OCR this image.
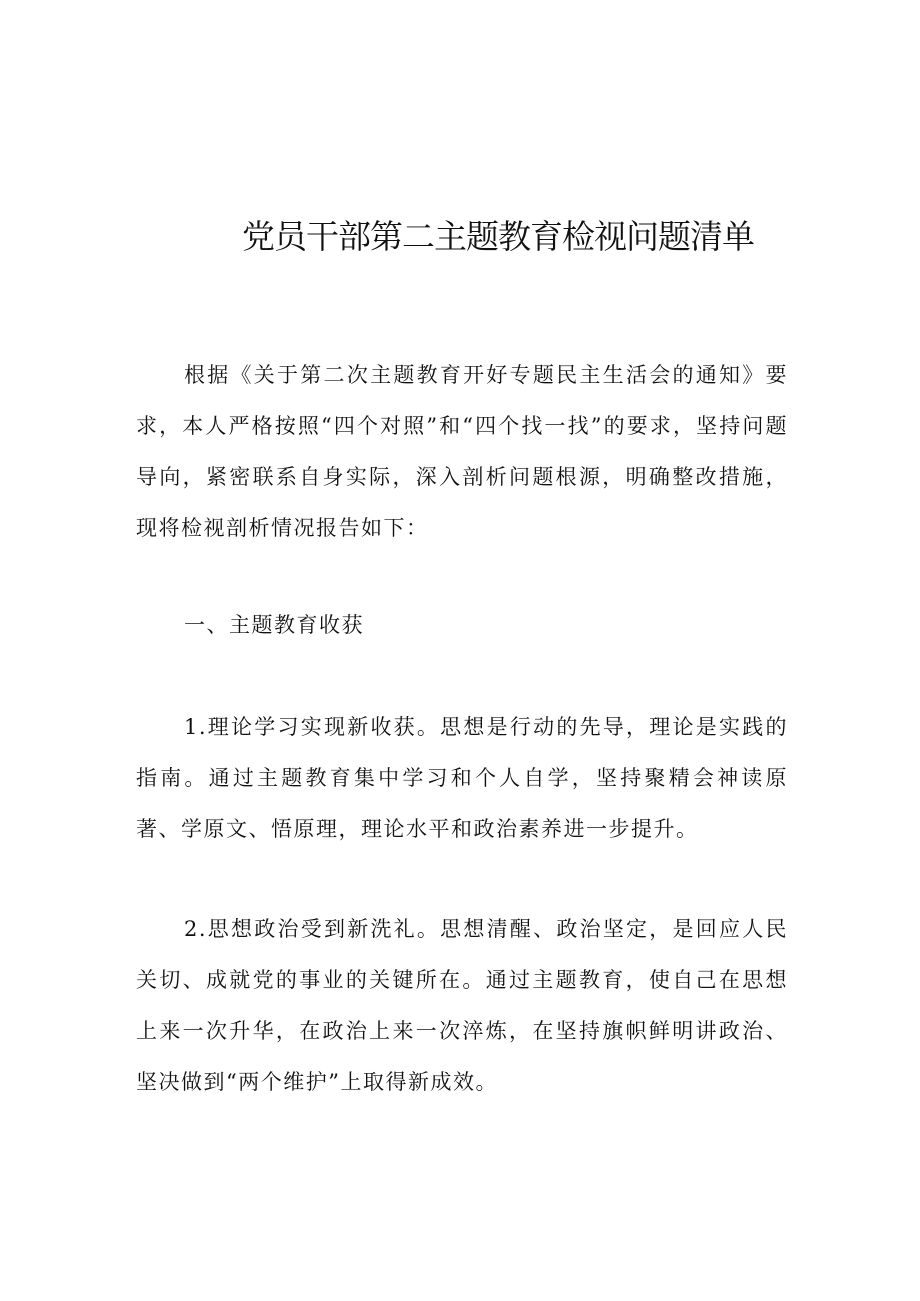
党员干部第二主题教育检视问题清单

根据《关于第二次主题教育开好专题民主生活会的通知》要求，本人严格按照“四个对照”和“四个找一找”的要求，坚持问题导向，紧密联系自身实际，深入剖析问题根源，明确整改措施，现将检视剖析情况报告如下：

一、主题教育收获

1.理论学习实现新收获。思想是行动的先导，理论是实践的指南。通过主题教育集中学习和个人自学，坚持聚精会神读原著、学原文、悟原理，理论水平和政治素养进一步提升。

2.思想政治受到新洗礼。思想清醒、政治坚定，是回应人民关切、成就党的事业的关键所在。通过主题教育，使自己在思想上来一次升华，在政治上来一次淬炼，在坚持旗帜鲜明讲政治、坚决做到“两个维护”上取得新成效。
